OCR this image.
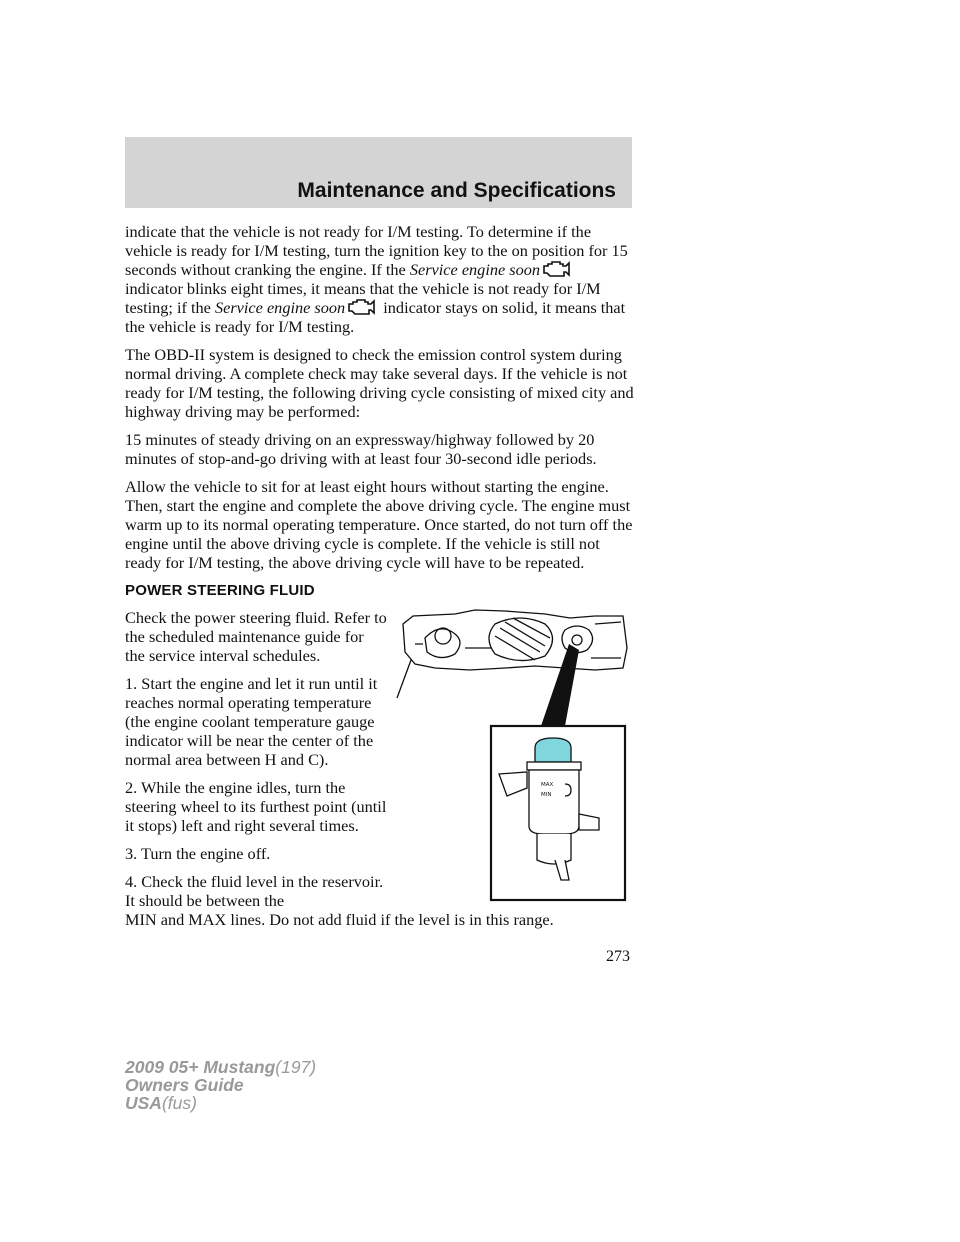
Maintenance and Specifications

indicate that the vehicle is not ready for I/M testing. To determine if the vehicle is ready for I/M testing, turn the ignition key to the on position for 15 seconds without cranking the engine. If the Service engine soon indicator blinks eight times, it means that the vehicle is not ready for I/M testing; if the Service engine soon indicator stays on solid, it means that the vehicle is ready for I/M testing.

The OBD-II system is designed to check the emission control system during normal driving. A complete check may take several days. If the vehicle is not ready for I/M testing, the following driving cycle consisting of mixed city and highway driving may be performed:

15 minutes of steady driving on an expressway/highway followed by 20 minutes of stop-and-go driving with at least four 30-second idle periods.

Allow the vehicle to sit for at least eight hours without starting the engine. Then, start the engine and complete the above driving cycle. The engine must warm up to its normal operating temperature. Once started, do not turn off the engine until the above driving cycle is complete. If the vehicle is still not ready for I/M testing, the above driving cycle will have to be repeated.

POWER STEERING FLUID

Check the power steering fluid. Refer to the scheduled maintenance guide for the service interval schedules.

1. Start the engine and let it run until it reaches normal operating temperature (the engine coolant temperature gauge indicator will be near the center of the normal area between H and C).

2. While the engine idles, turn the steering wheel to its furthest point (until it stops) left and right several times.

3. Turn the engine off.

4. Check the fluid level in the reservoir. It should be between the

MIN and MAX lines. Do not add fluid if the level is in this range.

MAX
MIN
273
2009 05+ Mustang(197)
Owners Guide
USA(fus)
